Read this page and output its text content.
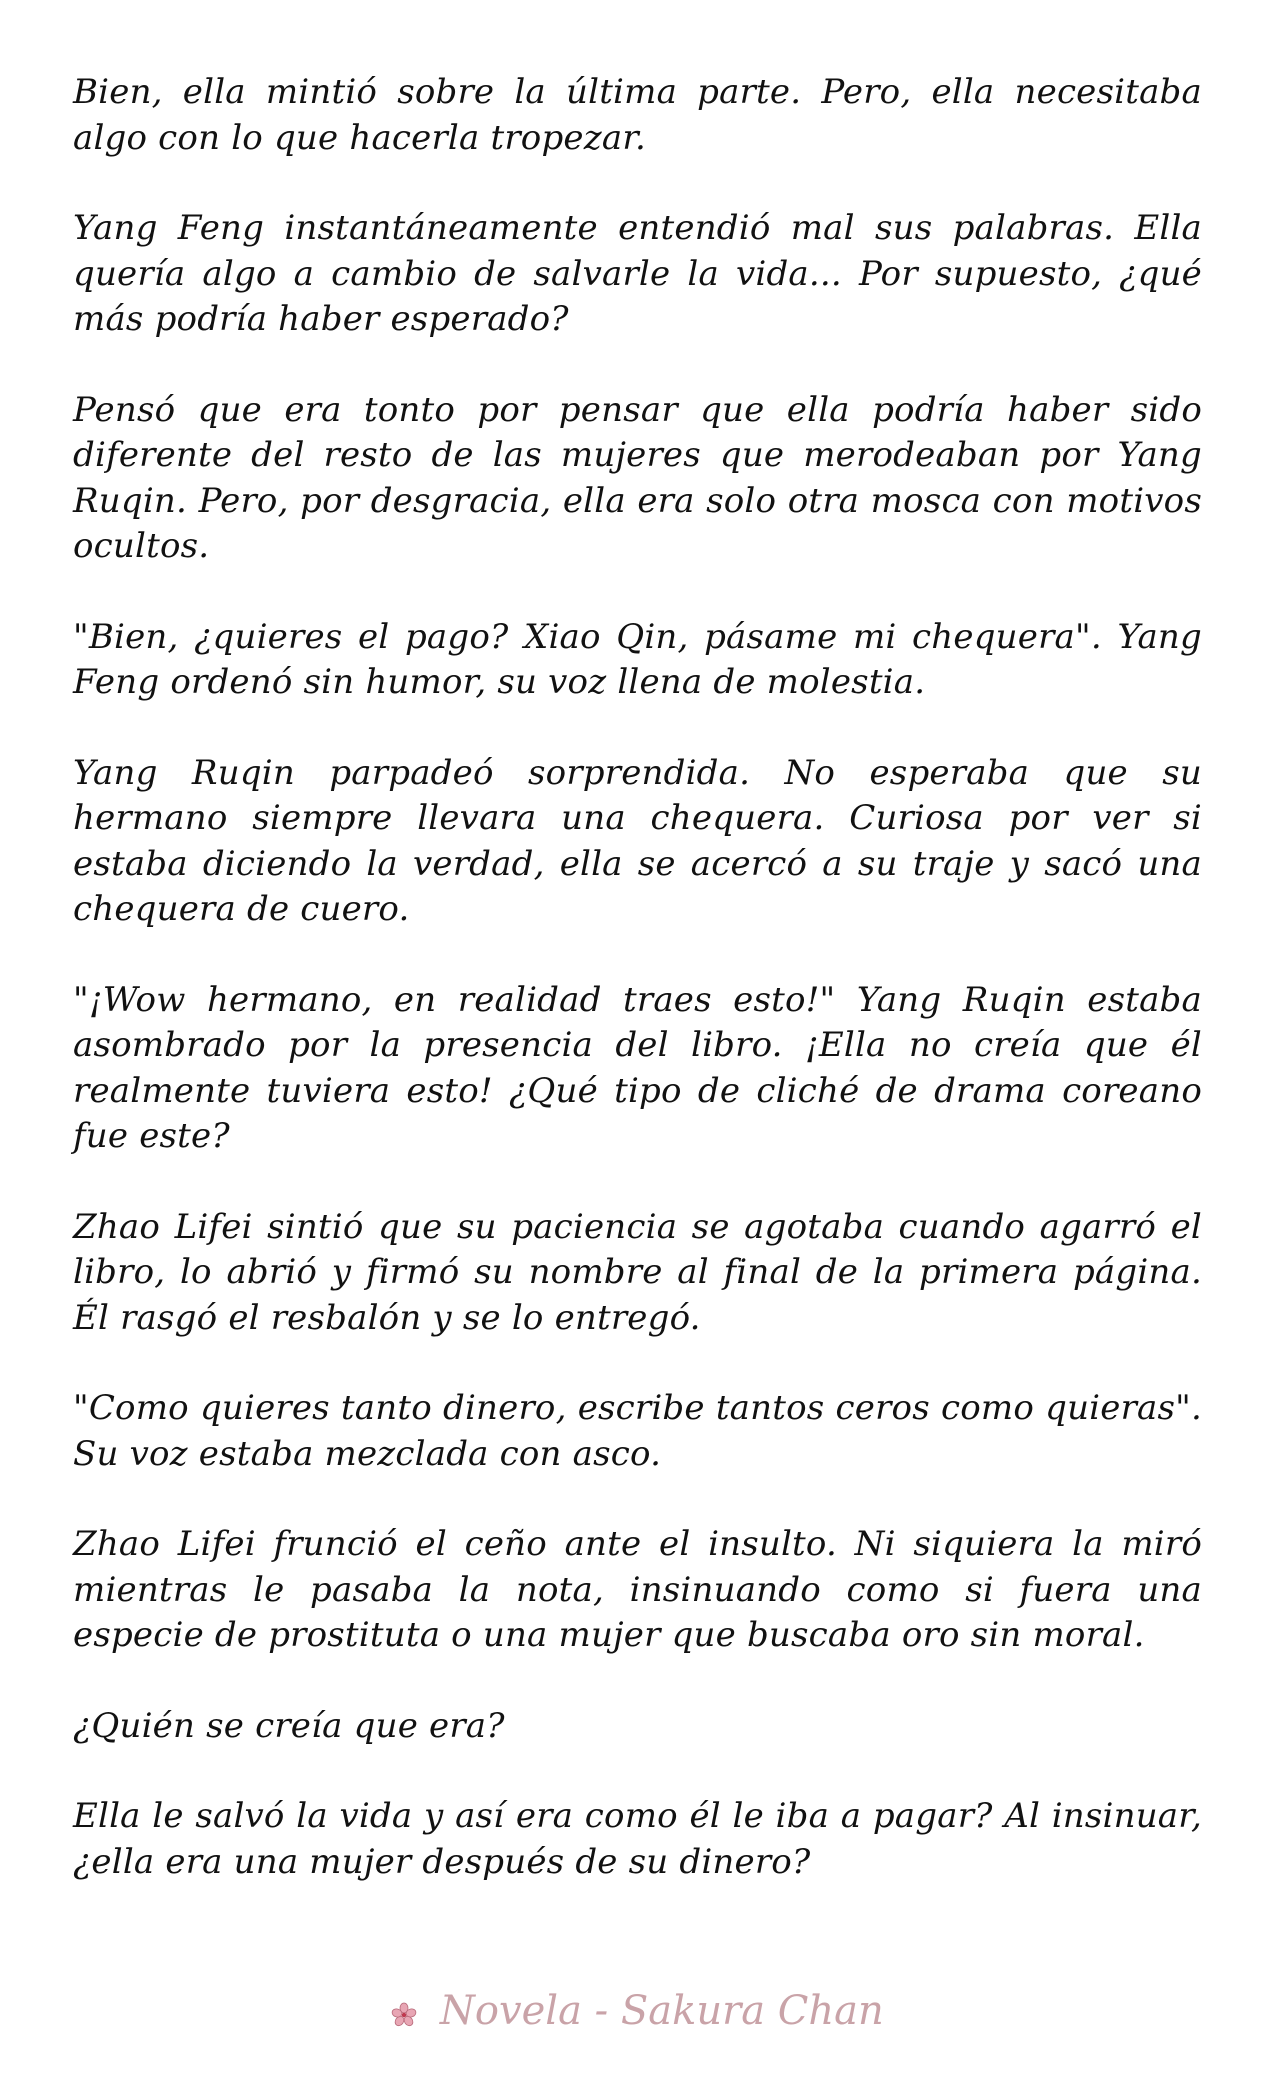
Bien, ella mintió sobre la última parte. Pero, ella necesitaba algo con lo que hacerla tropezar.

Yang Feng instantáneamente entendió mal sus palabras. Ella quería algo a cambio de salvarle la vida... Por supuesto, ¿qué más podría haber esperado?

Pensó que era tonto por pensar que ella podría haber sido diferente del resto de las mujeres que merodeaban por Yang Ruqin. Pero, por desgracia, ella era solo otra mosca con motivos ocultos.

"Bien, ¿quieres el pago? Xiao Qin, pásame mi chequera". Yang Feng ordenó sin humor, su voz llena de molestia.

Yang Ruqin parpadeó sorprendida. No esperaba que su hermano siempre llevara una chequera. Curiosa por ver si estaba diciendo la verdad, ella se acercó a su traje y sacó una chequera de cuero.

"¡Wow hermano, en realidad traes esto!" Yang Ruqin estaba asombrado por la presencia del libro. ¡Ella no creía que él realmente tuviera esto! ¿Qué tipo de cliché de drama coreano fue este?

Zhao Lifei sintió que su paciencia se agotaba cuando agarró el libro, lo abrió y firmó su nombre al final de la primera página. Él rasgó el resbalón y se lo entregó.

"Como quieres tanto dinero, escribe tantos ceros como quieras". Su voz estaba mezclada con asco.

Zhao Lifei frunció el ceño ante el insulto. Ni siquiera la miró mientras le pasaba la nota, insinuando como si fuera una especie de prostituta o una mujer que buscaba oro sin moral.

¿Quién se creía que era?

Ella le salvó la vida y así era como él le iba a pagar? Al insinuar, ¿ella era una mujer después de su dinero?

Novela - Sakura Chan
